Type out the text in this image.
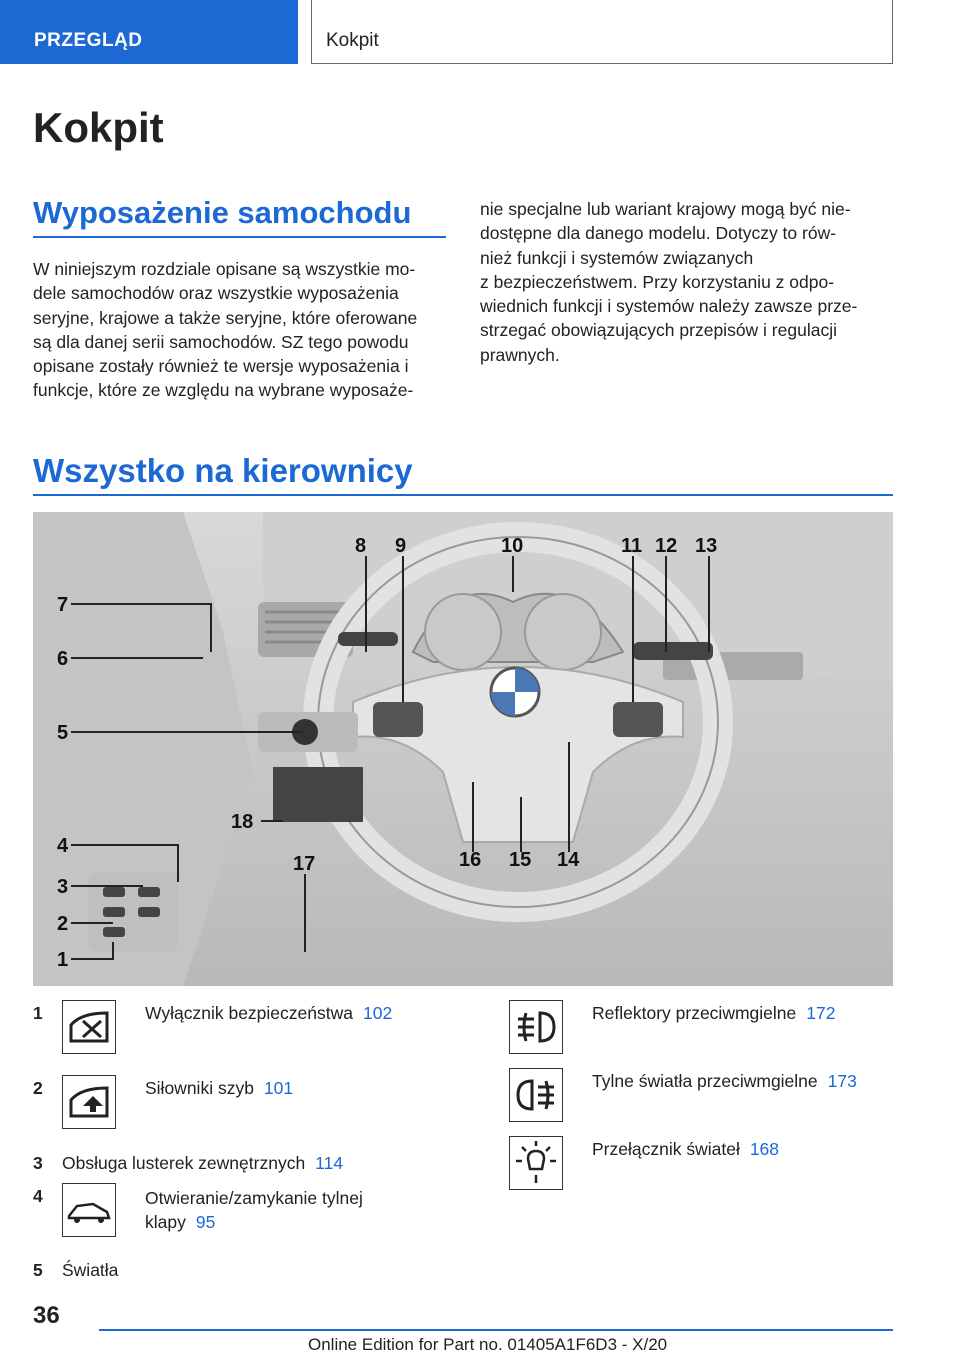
PRZEGLĄD	Kokpit
Kokpit
Wyposażenie samochodu
W niniejszym rozdziale opisane są wszystkie mo-
dele samochodów oraz wszystkie wyposażenia
seryjne, krajowe a także seryjne, które oferowane
są dla danej serii samochodów. SZ tego powodu
opisane zostały również te wersje wyposażenia i
funkcje, które ze względu na wybrane wyposaże-
nie specjalne lub wariant krajowy mogą być nie-
dostępne dla danego modelu. Dotyczy to rów-
nież funkcji i systemów związanych
z bezpieczeństwem. Przy korzystaniu z odpo-
wiednich funkcji i systemów należy zawsze prze-
strzegać obowiązujących przepisów i regulacji
prawnych.
Wszystko na kierownicy
1
2
3
4
5
6
7
8 9	10	11 12 13
14
15
16
17
18
1	Wyłącznik bezpieczeństwa 102
2	Siłowniki szyb 101
3 Obsługa lusterek zewnętrznych 114
4	Otwieranie/zamykanie tylnej
klapy 95
5 Światła
Reflektory przeciwmgielne 172
Tylne światła przeciwmgielne 173
Przełącznik świateł 168
36
Online Edition for Part no. 01405A1F6D3 - X/20
